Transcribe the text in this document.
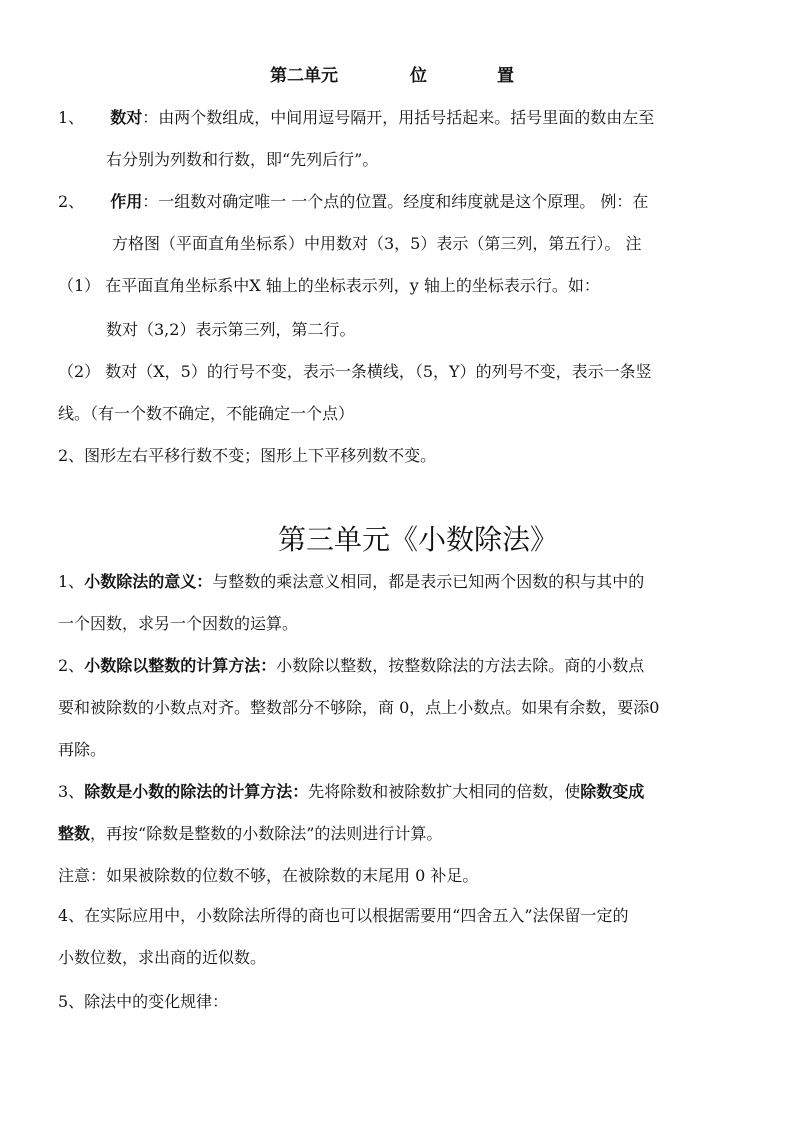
第二单元	位	置
1、 数对：由两个数组成，中间用逗号隔开，用括号括起来。括号里面的数由左至
右分别为列数和行数，即“先列后行”。
2、 作用：一组数对确定唯一 一个点的位置。经度和纬度就是这个原理。 例：在
方格图（平面直角坐标系）中用数对（3，5）表示（第三列，第五行）。 注
（1） 在平面直角坐标系中X 轴上的坐标表示列，y 轴上的坐标表示行。如：
数对（3,2）表示第三列，第二行。
（2） 数对（X，5）的行号不变，表示一条横线，（5，Y）的列号不变，表示一条竖
线。（有一个数不确定，不能确定一个点）
2、图形左右平移行数不变；图形上下平移列数不变。
第三单元《小数除法》
1、小数除法的意义：与整数的乘法意义相同，都是表示已知两个因数的积与其中的
一个因数，求另一个因数的运算。
2、小数除以整数的计算方法：小数除以整数，按整数除法的方法去除。商的小数点
要和被除数的小数点对齐。整数部分不够除，商 0，点上小数点。如果有余数，要添0
再除。
3、除数是小数的除法的计算方法：先将除数和被除数扩大相同的倍数，使除数变成
整数，再按“除数是整数的小数除法”的法则进行计算。
注意：如果被除数的位数不够，在被除数的末尾用 0 补足。
4、在实际应用中，小数除法所得的商也可以根据需要用“四舍五入”法保留一定的
小数位数，求出商的近似数。
5、除法中的变化规律：
